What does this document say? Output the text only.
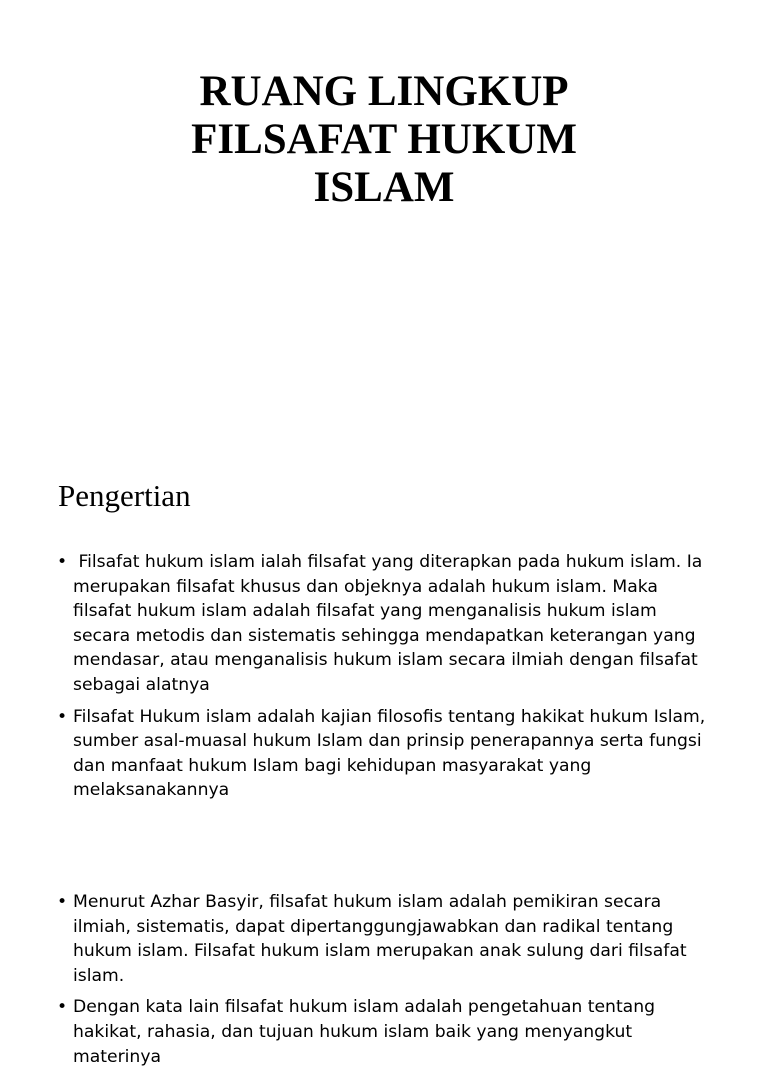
RUANG LINGKUP
FILSAFAT HUKUM
ISLAM
Pengertian
• Filsafat hukum islam ialah filsafat yang diterapkan pada hukum islam. Ia merupakan filsafat khusus dan objeknya adalah hukum islam. Maka filsafat hukum islam adalah filsafat yang menganalisis hukum islam secara metodis dan sistematis sehingga mendapatkan keterangan yang mendasar, atau menganalisis hukum islam secara ilmiah dengan filsafat sebagai alatnya
• Filsafat Hukum islam adalah kajian filosofis tentang hakikat hukum Islam, sumber asal-muasal hukum Islam dan prinsip penerapannya serta fungsi dan manfaat hukum Islam bagi kehidupan masyarakat yang melaksanakannya
• Menurut Azhar Basyir, filsafat hukum islam adalah pemikiran secara ilmiah, sistematis, dapat dipertanggungjawabkan dan radikal tentang hukum islam. Filsafat hukum islam merupakan anak sulung dari filsafat islam.
• Dengan kata lain filsafat hukum islam adalah pengetahuan tentang hakikat, rahasia, dan tujuan hukum islam baik yang menyangkut materinya
